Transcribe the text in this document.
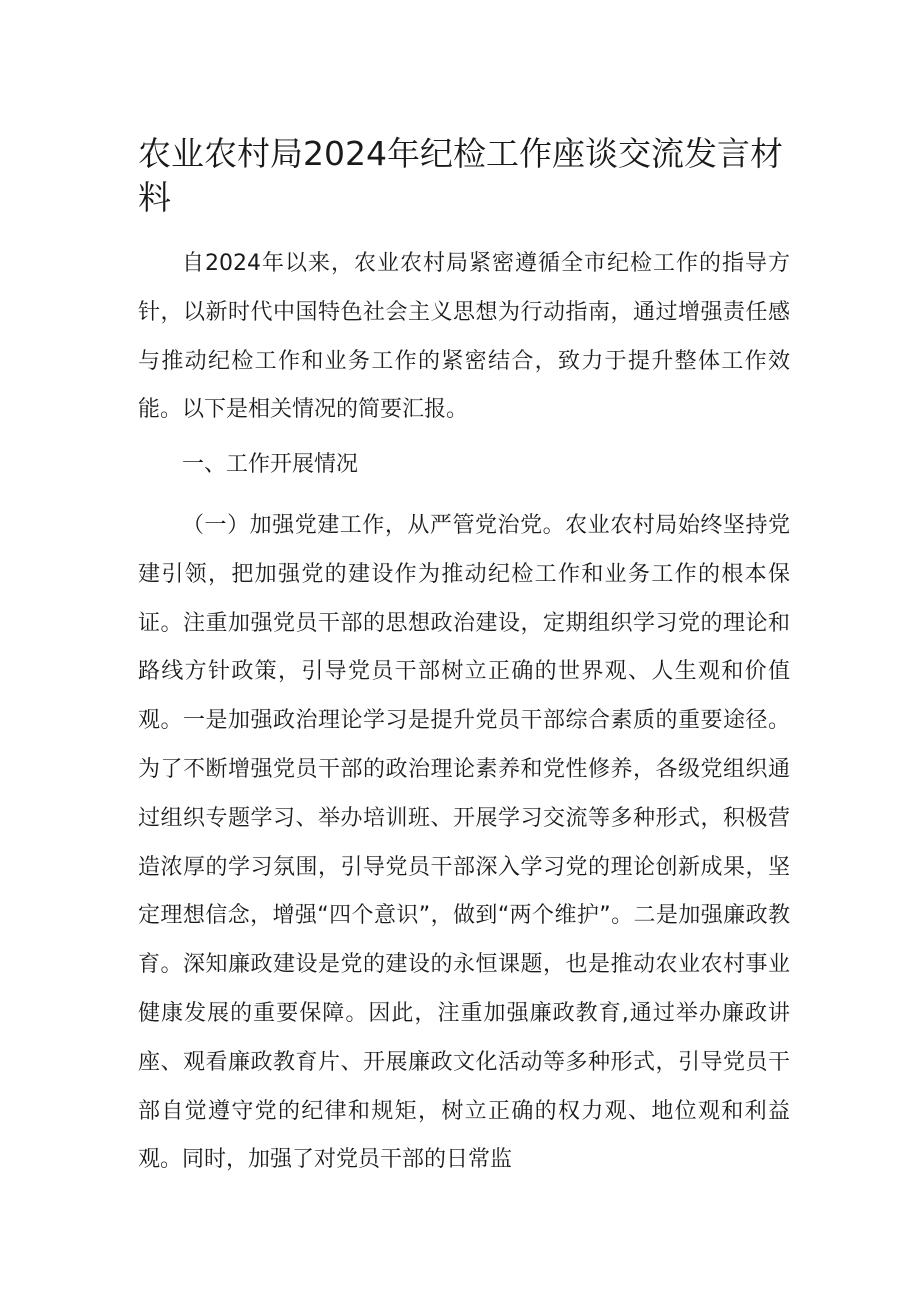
农业农村局2024年纪检工作座谈交流发言材料

自2024年以来，农业农村局紧密遵循全市纪检工作的指导方针，以新时代中国特色社会主义思想为行动指南，通过增强责任感与推动纪检工作和业务工作的紧密结合，致力于提升整体工作效能。以下是相关情况的简要汇报。

一、工作开展情况

（一）加强党建工作，从严管党治党。农业农村局始终坚持党建引领，把加强党的建设作为推动纪检工作和业务工作的根本保证。注重加强党员干部的思想政治建设，定期组织学习党的理论和路线方针政策，引导党员干部树立正确的世界观、人生观和价值观。一是加强政治理论学习是提升党员干部综合素质的重要途径。为了不断增强党员干部的政治理论素养和党性修养，各级党组织通过组织专题学习、举办培训班、开展学习交流等多种形式，积极营造浓厚的学习氛围，引导党员干部深入学习党的理论创新成果，坚定理想信念，增强“四个意识”，做到“两个维护”。二是加强廉政教育。深知廉政建设是党的建设的永恒课题，也是推动农业农村事业健康发展的重要保障。因此，注重加强廉政教育,通过举办廉政讲座、观看廉政教育片、开展廉政文化活动等多种形式，引导党员干部自觉遵守党的纪律和规矩，树立正确的权力观、地位观和利益观。同时，加强了对党员干部的日常监
